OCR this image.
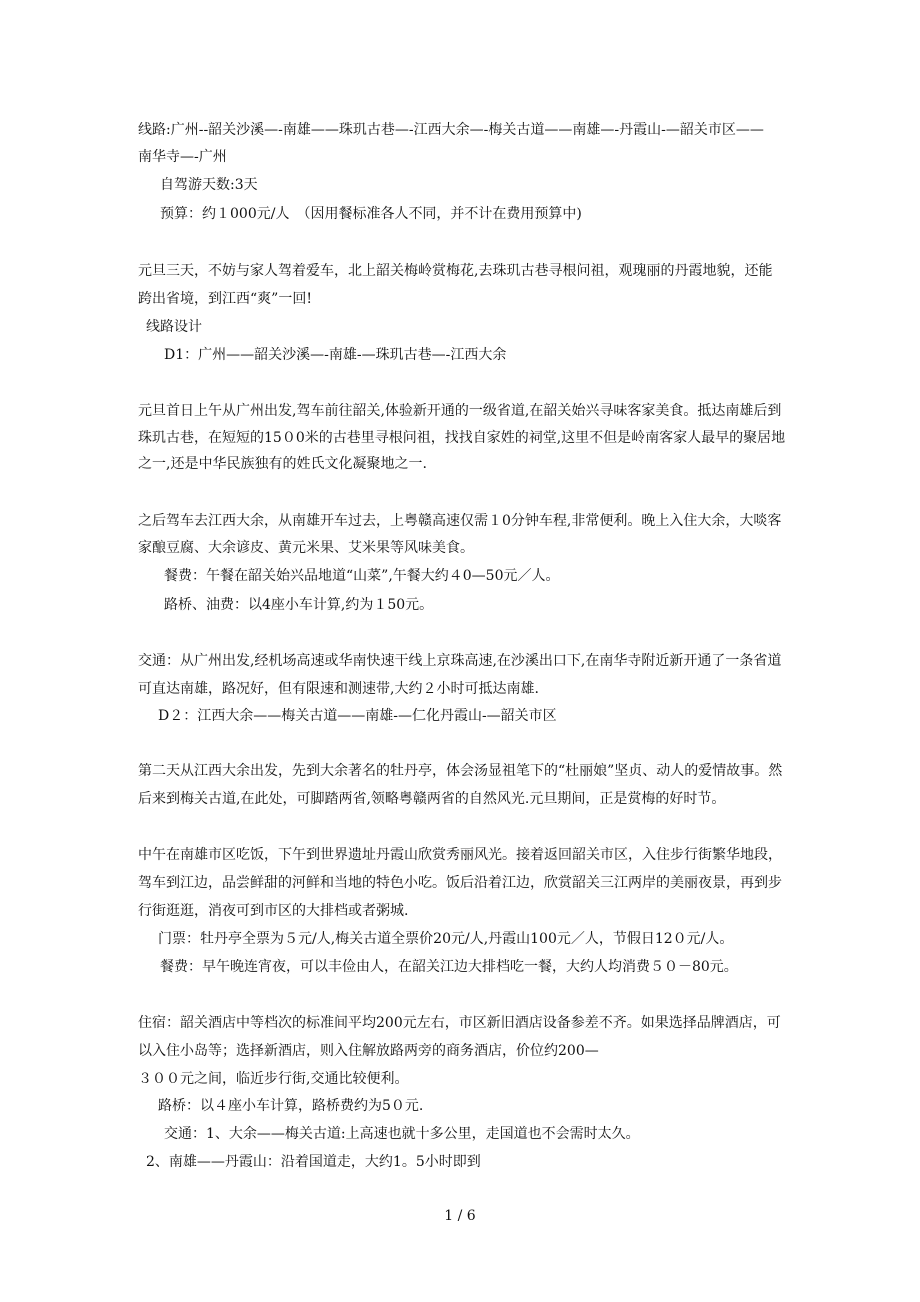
线路:广州--韶关沙溪—-南雄——珠玑古巷—-江西大余—-梅关古道——南雄—-丹霞山-—韶关市区——
南华寺—-广州
自驾游天数:3天
预算：约１000元/人　（因用餐标准各人不同，并不计在费用预算中)
元旦三天，不妨与家人驾着爱车，北上韶关梅岭赏梅花,去珠玑古巷寻根问祖，观瑰丽的丹霞地貌，还能
跨出省境，到江西“爽”一回!
线路设计
D1：广州——韶关沙溪—-南雄-—珠玑古巷—-江西大余
元旦首日上午从广州出发,驾车前往韶关,体验新开通的一级省道,在韶关始兴寻味客家美食。抵达南雄后到
珠玑古巷，在短短的15０0米的古巷里寻根问祖，找找自家姓的祠堂,这里不但是岭南客家人最早的聚居地
之一,还是中华民族独有的姓氏文化凝聚地之一.
之后驾车去江西大余，从南雄开车过去，上粤赣高速仅需１0分钟车程,非常便利。晚上入住大余，大啖客
家酿豆腐、大余谚皮、黄元米果、艾米果等风味美食。
餐费：午餐在韶关始兴品地道“山菜”,午餐大约４0—50元／人。
路桥、油费：以4座小车计算,约为１50元。
交通：从广州出发,经机场高速或华南快速干线上京珠高速,在沙溪出口下,在南华寺附近新开通了一条省道
可直达南雄，路况好，但有限速和测速带,大约２小时可抵达南雄.
D２：江西大余——梅关古道——南雄-—仁化丹霞山-—韶关市区
第二天从江西大余出发，先到大余著名的牡丹亭，体会汤显祖笔下的“杜丽娘”坚贞、动人的爱情故事。然
后来到梅关古道,在此处，可脚踏两省,领略粤赣两省的自然风光.元旦期间，正是赏梅的好时节。
中午在南雄市区吃饭，下午到世界遗址丹霞山欣赏秀丽风光。接着返回韶关市区，入住步行街繁华地段，
驾车到江边，品尝鲜甜的河鲜和当地的特色小吃。饭后沿着江边，欣赏韶关三江两岸的美丽夜景，再到步
行街逛逛，消夜可到市区的大排档或者粥城.
门票：牡丹亭全票为５元/人,梅关古道全票价20元/人,丹霞山100元／人，节假日12０元/人。
餐费：早午晚连宵夜，可以丰俭由人，在韶关江边大排档吃一餐，大约人均消费５０－80元。
住宿：韶关酒店中等档次的标准间平均200元左右，市区新旧酒店设备参差不齐。如果选择品牌酒店，可
以入住小岛等；选择新酒店，则入住解放路两旁的商务酒店，价位约200—
３００元之间，临近步行街,交通比较便利。
路桥：以４座小车计算，路桥费约为5０元.
交通：1、大余——梅关古道:上高速也就十多公里，走国道也不会需时太久。
2、南雄——丹霞山：沿着国道走，大约1。5小时即到
1 / 6
